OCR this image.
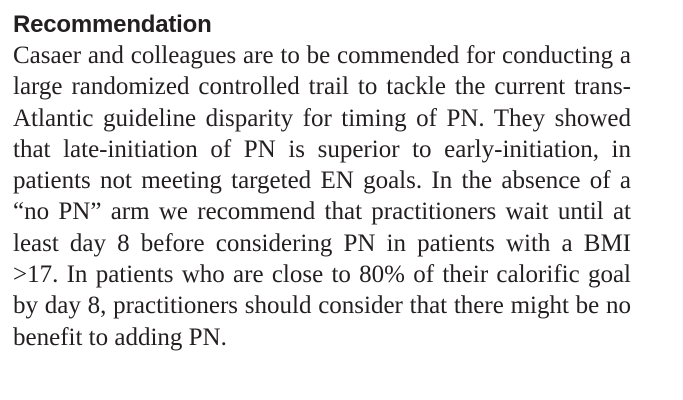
Recommendation

Casaer and colleagues are to be commended for conducting a large randomized controlled trail to tackle the current trans-Atlantic guideline disparity for timing of PN. They showed that late-initiation of PN is superior to early-initiation, in patients not meeting targeted EN goals. In the absence of a “no PN” arm we recommend that practitioners wait until at least day 8 before considering PN in patients with a BMI >17. In patients who are close to 80% of their calorific goal by day 8, practitioners should consider that there might be no benefit to adding PN.
